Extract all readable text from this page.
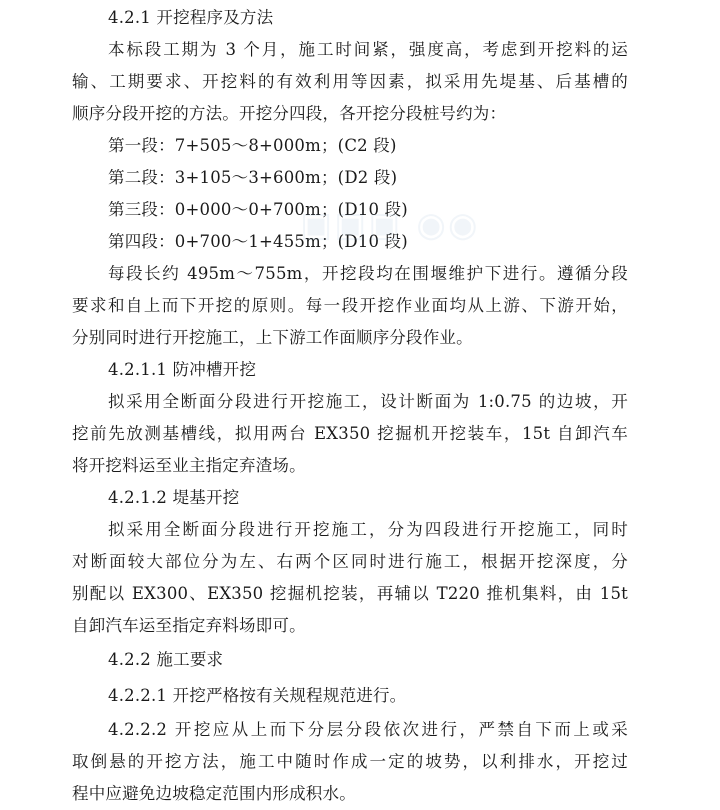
4.2.1 开挖程序及方法
本标段工期为 3 个月，施工时间紧，强度高，考虑到开挖料的运
输、工期要求、开挖料的有效利用等因素，拟采用先堤基、后基槽的
顺序分段开挖的方法。开挖分四段，各开挖分段桩号约为：
第一段：7+505～8+000m；(C2 段)
第二段：3+105～3+600m；(D2 段)
第三段：0+000～0+700m；(D10 段)
第四段：0+700～1+455m；(D10 段)
每段长约 495m～755m，开挖段均在围堰维护下进行。遵循分段
要求和自上而下开挖的原则。每一段开挖作业面均从上游、下游开始，
分别同时进行开挖施工，上下游工作面顺序分段作业。
4.2.1.1 防冲槽开挖
拟采用全断面分段进行开挖施工，设计断面为 1:0.75 的边坡，开
挖前先放测基槽线，拟用两台 EX350 挖掘机开挖装车，15t 自卸汽车
将开挖料运至业主指定弃渣场。
4.2.1.2 堤基开挖
拟采用全断面分段进行开挖施工，分为四段进行开挖施工，同时
对断面较大部位分为左、右两个区同时进行施工，根据开挖深度，分
别配以 EX300、EX350 挖掘机挖装，再辅以 T220 推机集料，由 15t
自卸汽车运至指定弃料场即可。
4.2.2 施工要求
4.2.2.1 开挖严格按有关规程规范进行。
4.2.2.2 开挖应从上而下分层分段依次进行，严禁自下而上或采
取倒悬的开挖方法，施工中随时作成一定的坡势，以利排水，开挖过
程中应避免边坡稳定范围内形成积水。
▣▣▣ ◉◉
